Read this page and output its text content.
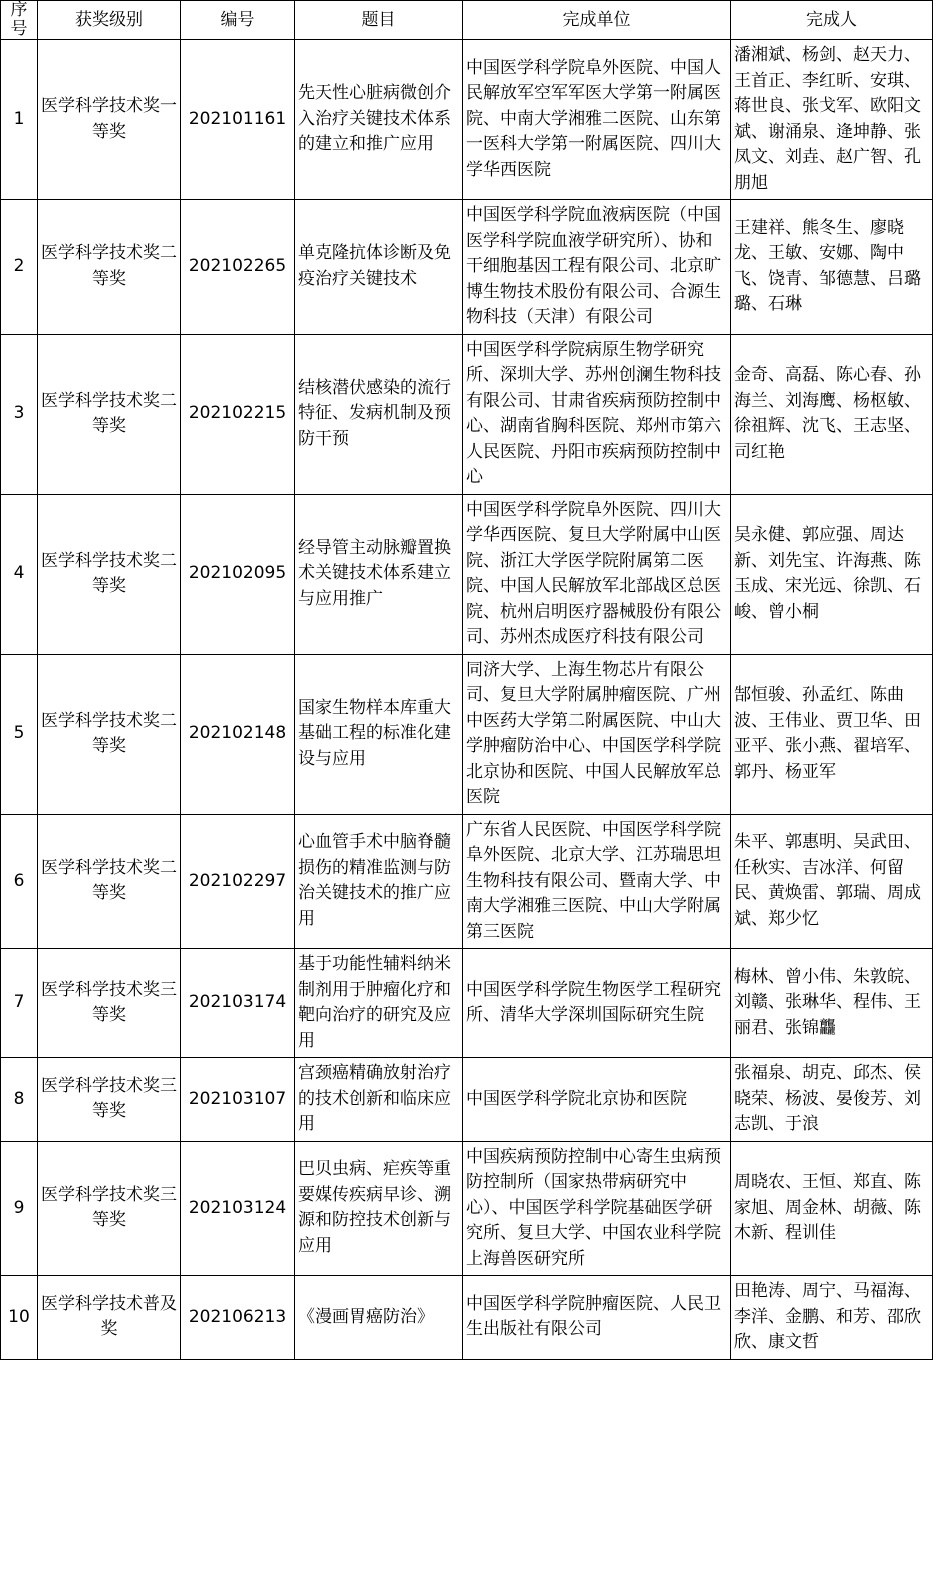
序号	获奖级别	编号	题目	完成单位	完成人
1	医学科学技术奖一等奖	202101161	先天性心脏病微创介入治疗关键技术体系的建立和推广应用	中国医学科学院阜外医院、中国人民解放军空军军医大学第一附属医院、中南大学湘雅二医院、山东第一医科大学第一附属医院、四川大学华西医院	潘湘斌、杨剑、赵天力、王首正、李红昕、安琪、蒋世良、张戈军、欧阳文斌、谢涌泉、逄坤静、张凤文、刘垚、赵广智、孔朋旭
2	医学科学技术奖二等奖	202102265	单克隆抗体诊断及免疫治疗关键技术	中国医学科学院血液病医院（中国医学科学院血液学研究所）、协和干细胞基因工程有限公司、北京旷博生物技术股份有限公司、合源生物科技（天津）有限公司	王建祥、熊冬生、廖晓龙、王敏、安娜、陶中飞、饶青、邹德慧、吕璐璐、石琳
3	医学科学技术奖二等奖	202102215	结核潜伏感染的流行特征、发病机制及预防干预	中国医学科学院病原生物学研究所、深圳大学、苏州创澜生物科技有限公司、甘肃省疾病预防控制中心、湖南省胸科医院、郑州市第六人民医院、丹阳市疾病预防控制中心	金奇、高磊、陈心春、孙海兰、刘海鹰、杨枢敏、徐祖辉、沈飞、王志坚、司红艳
4	医学科学技术奖二等奖	202102095	经导管主动脉瓣置换术关键技术体系建立与应用推广	中国医学科学院阜外医院、四川大学华西医院、复旦大学附属中山医院、浙江大学医学院附属第二医院、中国人民解放军北部战区总医院、杭州启明医疗器械股份有限公司、苏州杰成医疗科技有限公司	吴永健、郭应强、周达新、刘先宝、许海燕、陈玉成、宋光远、徐凯、石峻、曾小桐
5	医学科学技术奖二等奖	202102148	国家生物样本库重大基础工程的标准化建设与应用	同济大学、上海生物芯片有限公司、复旦大学附属肿瘤医院、广州中医药大学第二附属医院、中山大学肿瘤防治中心、中国医学科学院北京协和医院、中国人民解放军总医院	郜恒骏、孙孟红、陈曲波、王伟业、贾卫华、田亚平、张小燕、翟培军、郭丹、杨亚军
6	医学科学技术奖二等奖	202102297	心血管手术中脑脊髓损伤的精准监测与防治关键技术的推广应用	广东省人民医院、中国医学科学院阜外医院、北京大学、江苏瑞思坦生物科技有限公司、暨南大学、中南大学湘雅三医院、中山大学附属第三医院	朱平、郭惠明、吴武田、任秋实、吉冰洋、何留民、黄焕雷、郭瑞、周成斌、郑少忆
7	医学科学技术奖三等奖	202103174	基于功能性辅料纳米制剂用于肿瘤化疗和靶向治疗的研究及应用	中国医学科学院生物医学工程研究所、清华大学深圳国际研究生院	梅林、曾小伟、朱敦皖、刘赣、张琳华、程伟、王丽君、张锦龘
8	医学科学技术奖三等奖	202103107	宫颈癌精确放射治疗的技术创新和临床应用	中国医学科学院北京协和医院	张福泉、胡克、邱杰、侯晓荣、杨波、晏俊芳、刘志凯、于浪
9	医学科学技术奖三等奖	202103124	巴贝虫病、疟疾等重要媒传疾病早诊、溯源和防控技术创新与应用	中国疾病预防控制中心寄生虫病预防控制所（国家热带病研究中心）、中国医学科学院基础医学研究所、复旦大学、中国农业科学院上海兽医研究所	周晓农、王恒、郑直、陈家旭、周金林、胡薇、陈木新、程训佳
10	医学科学技术普及奖	202106213	《漫画胃癌防治》	中国医学科学院肿瘤医院、人民卫生出版社有限公司	田艳涛、周宁、马福海、李洋、金鹏、和芳、邵欣欣、康文哲
